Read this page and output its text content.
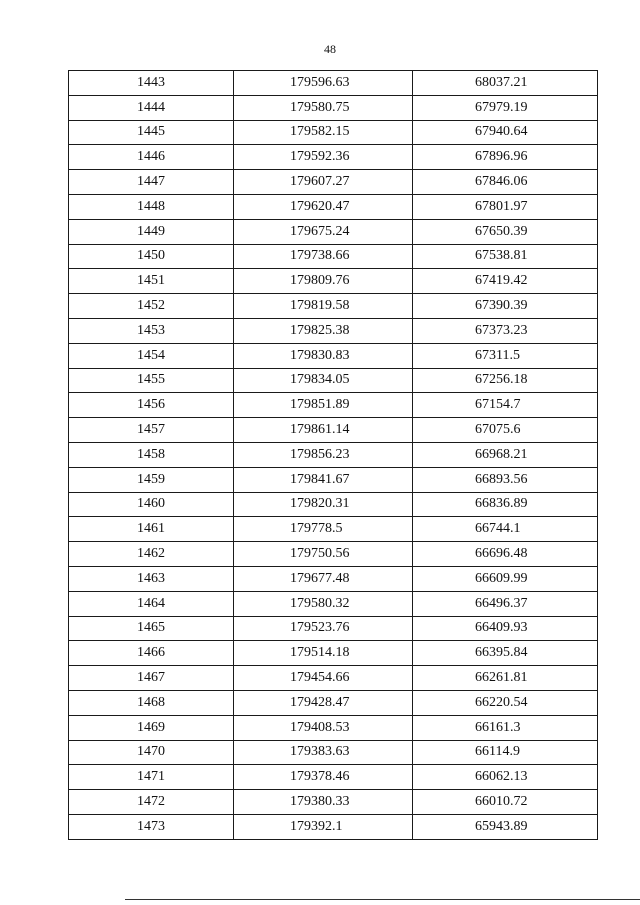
48
1443	179596.63	68037.21
1444	179580.75	67979.19
1445	179582.15	67940.64
1446	179592.36	67896.96
1447	179607.27	67846.06
1448	179620.47	67801.97
1449	179675.24	67650.39
1450	179738.66	67538.81
1451	179809.76	67419.42
1452	179819.58	67390.39
1453	179825.38	67373.23
1454	179830.83	67311.5
1455	179834.05	67256.18
1456	179851.89	67154.7
1457	179861.14	67075.6
1458	179856.23	66968.21
1459	179841.67	66893.56
1460	179820.31	66836.89
1461	179778.5	66744.1
1462	179750.56	66696.48
1463	179677.48	66609.99
1464	179580.32	66496.37
1465	179523.76	66409.93
1466	179514.18	66395.84
1467	179454.66	66261.81
1468	179428.47	66220.54
1469	179408.53	66161.3
1470	179383.63	66114.9
1471	179378.46	66062.13
1472	179380.33	66010.72
1473	179392.1	65943.89
